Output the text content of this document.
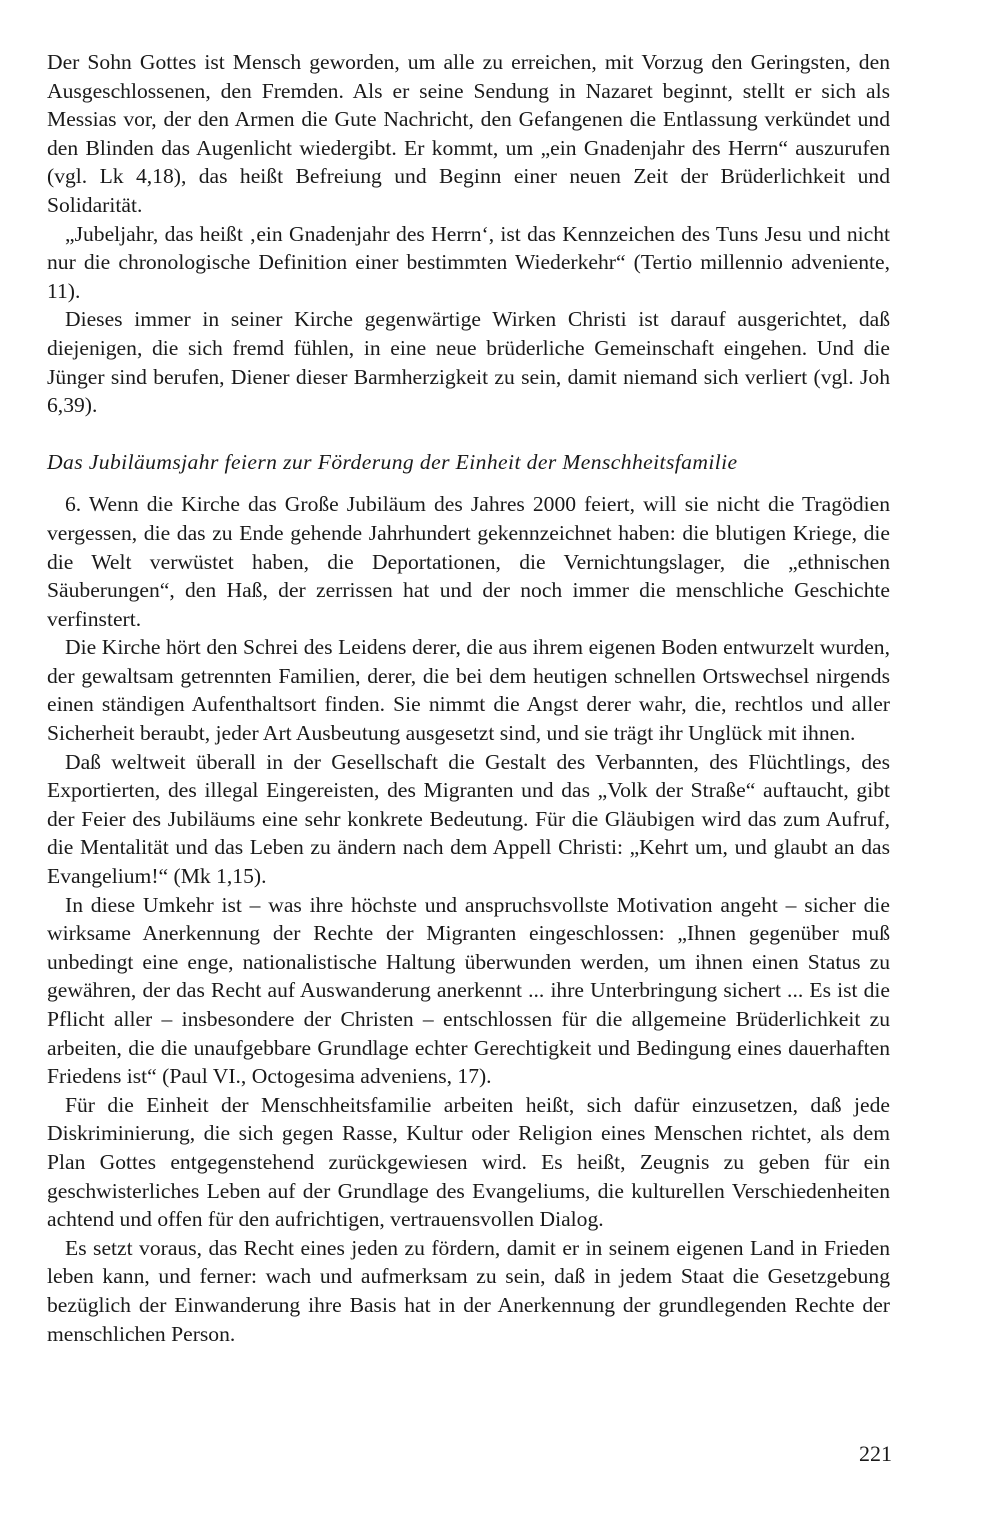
Der Sohn Gottes ist Mensch geworden, um alle zu erreichen, mit Vorzug den Geringsten, den Ausgeschlossenen, den Fremden. Als er seine Sendung in Nazaret beginnt, stellt er sich als Messias vor, der den Armen die Gute Nachricht, den Gefangenen die Entlassung verkündet und den Blinden das Augenlicht wiedergibt. Er kommt, um „ein Gnadenjahr des Herrn“ auszurufen (vgl. Lk 4,18), das heißt Befreiung und Beginn einer neuen Zeit der Brüderlichkeit und Solidarität.

„Jubeljahr, das heißt ‚ein Gnadenjahr des Herrn‘, ist das Kennzeichen des Tuns Jesu und nicht nur die chronologische Definition einer bestimmten Wiederkehr“ (Tertio millennio adveniente, 11).

Dieses immer in seiner Kirche gegenwärtige Wirken Christi ist darauf ausgerichtet, daß diejenigen, die sich fremd fühlen, in eine neue brüderliche Gemeinschaft eingehen. Und die Jünger sind berufen, Diener dieser Barmherzigkeit zu sein, damit niemand sich verliert (vgl. Joh 6,39).

Das Jubiläumsjahr feiern zur Förderung der Einheit der Menschheitsfamilie

6. Wenn die Kirche das Große Jubiläum des Jahres 2000 feiert, will sie nicht die Tragödien vergessen, die das zu Ende gehende Jahrhundert gekennzeichnet haben: die blutigen Kriege, die die Welt verwüstet haben, die Deportationen, die Vernichtungslager, die „ethnischen Säuberungen“, den Haß, der zerrissen hat und der noch immer die menschliche Geschichte verfinstert.

Die Kirche hört den Schrei des Leidens derer, die aus ihrem eigenen Boden entwurzelt wurden, der gewaltsam getrennten Familien, derer, die bei dem heutigen schnellen Ortswechsel nirgends einen ständigen Aufenthaltsort finden. Sie nimmt die Angst derer wahr, die, rechtlos und aller Sicherheit beraubt, jeder Art Ausbeutung ausgesetzt sind, und sie trägt ihr Unglück mit ihnen.

Daß weltweit überall in der Gesellschaft die Gestalt des Verbannten, des Flüchtlings, des Exportierten, des illegal Eingereisten, des Migranten und das „Volk der Straße“ auftaucht, gibt der Feier des Jubiläums eine sehr konkrete Bedeutung. Für die Gläubigen wird das zum Aufruf, die Mentalität und das Leben zu ändern nach dem Appell Christi: „Kehrt um, und glaubt an das Evangelium!“ (Mk 1,15).

In diese Umkehr ist – was ihre höchste und anspruchsvollste Motivation angeht – sicher die wirksame Anerkennung der Rechte der Migranten eingeschlossen: „Ihnen gegenüber muß unbedingt eine enge, nationalistische Haltung überwunden werden, um ihnen einen Status zu gewähren, der das Recht auf Auswanderung anerkennt ... ihre Unterbringung sichert ... Es ist die Pflicht aller – insbesondere der Christen – entschlossen für die allgemeine Brüderlichkeit zu arbeiten, die die unaufgebbare Grundlage echter Gerechtigkeit und Bedingung eines dauerhaften Friedens ist“ (Paul VI., Octogesima adveniens, 17).

Für die Einheit der Menschheitsfamilie arbeiten heißt, sich dafür einzusetzen, daß jede Diskriminierung, die sich gegen Rasse, Kultur oder Religion eines Menschen richtet, als dem Plan Gottes entgegenstehend zurückgewiesen wird. Es heißt, Zeugnis zu geben für ein geschwisterliches Leben auf der Grundlage des Evangeliums, die kulturellen Verschiedenheiten achtend und offen für den aufrichtigen, vertrauensvollen Dialog.

Es setzt voraus, das Recht eines jeden zu fördern, damit er in seinem eigenen Land in Frieden leben kann, und ferner: wach und aufmerksam zu sein, daß in jedem Staat die Gesetzgebung bezüglich der Einwanderung ihre Basis hat in der Anerkennung der grundlegenden Rechte der menschlichen Person.

221
